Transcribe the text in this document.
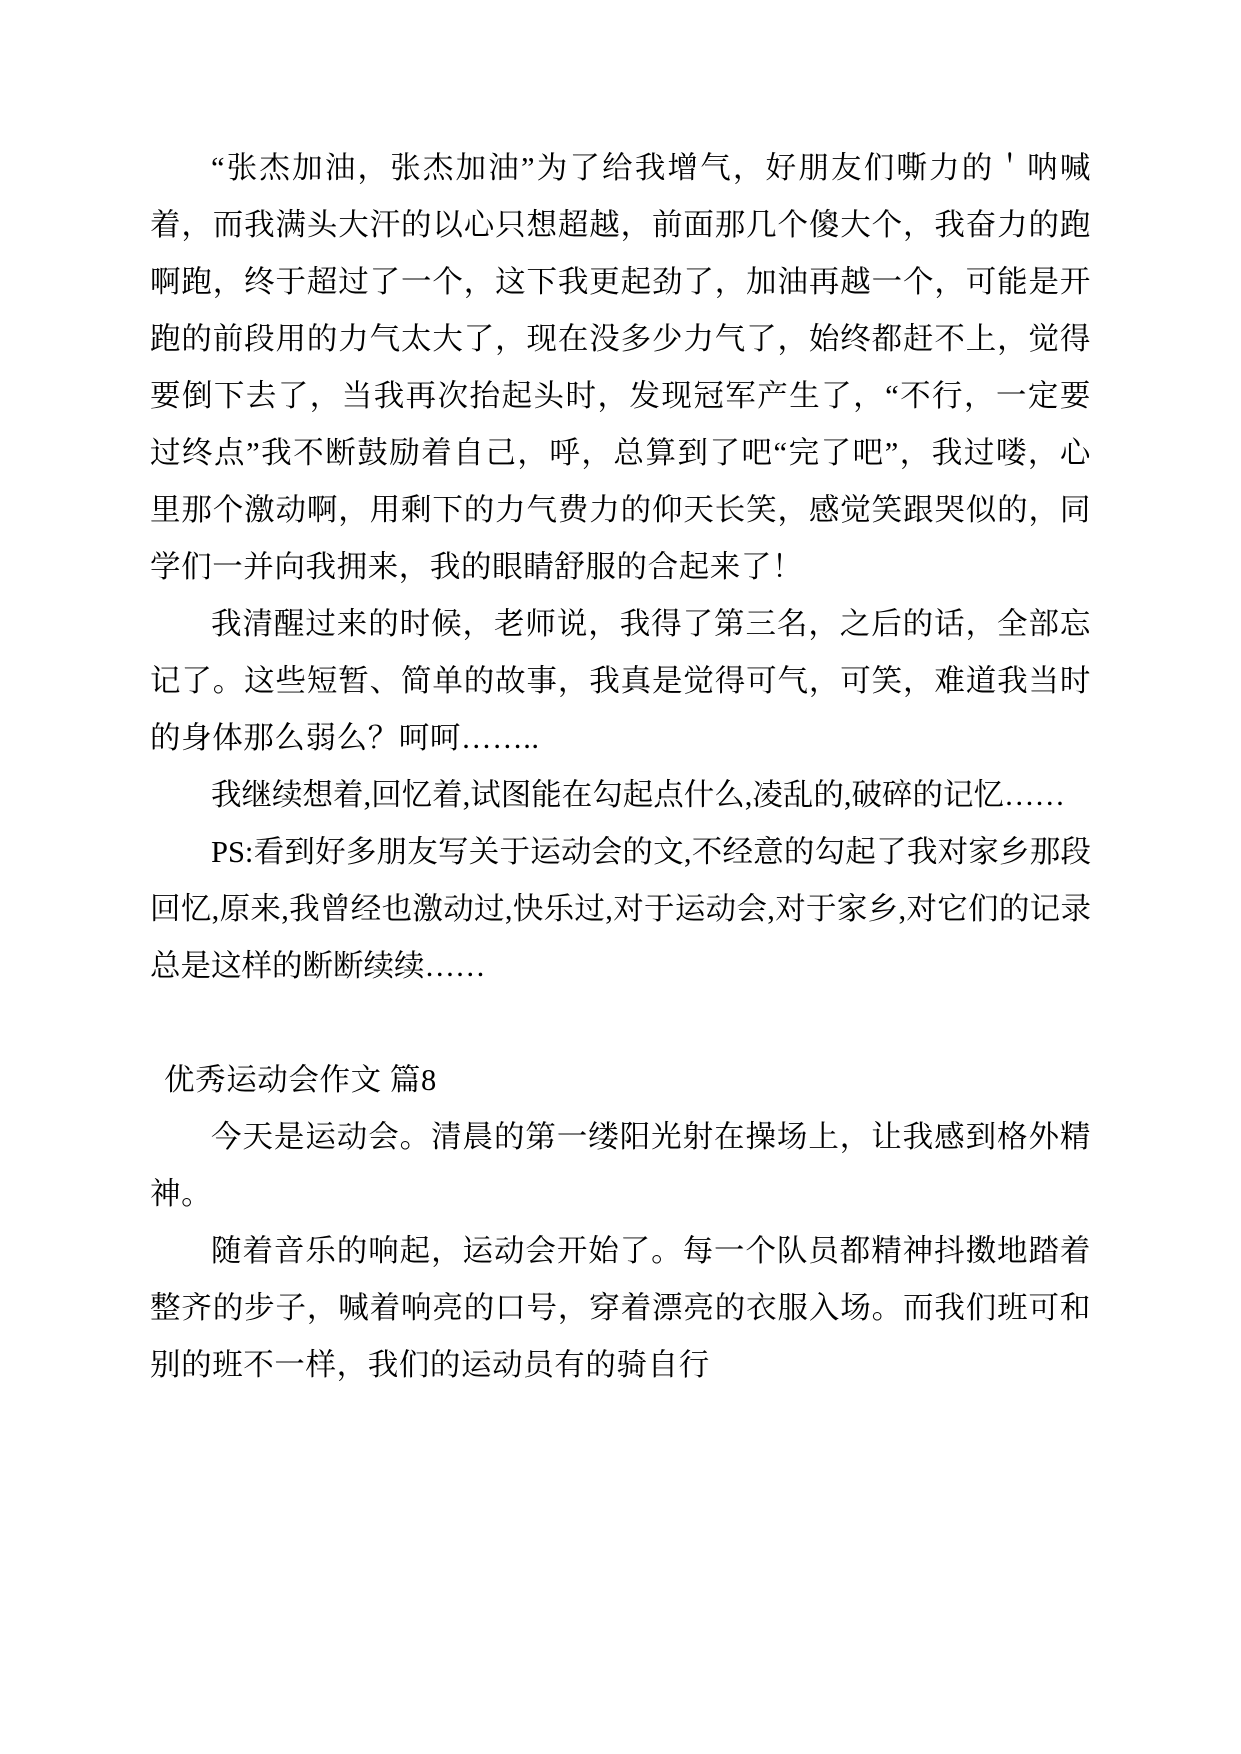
“张杰加油，张杰加油”为了给我增气，好朋友们嘶力的＇呐喊着，而我满头大汗的以心只想超越，前面那几个傻大个，我奋力的跑啊跑，终于超过了一个，这下我更起劲了，加油再越一个，可能是开跑的前段用的力气太大了，现在没多少力气了，始终都赶不上，觉得要倒下去了，当我再次抬起头时，发现冠军产生了，“不行，一定要过终点”我不断鼓励着自己，呼，总算到了吧“完了吧”，我过喽，心里那个激动啊，用剩下的力气费力的仰天长笑，感觉笑跟哭似的，同学们一并向我拥来，我的眼睛舒服的合起来了！

我清醒过来的时候，老师说，我得了第三名，之后的话，全部忘记了。这些短暂、简单的故事，我真是觉得可气，可笑，难道我当时的身体那么弱么？呵呵……..

我继续想着,回忆着,试图能在勾起点什么,凌乱的,破碎的记忆……

PS:看到好多朋友写关于运动会的文,不经意的勾起了我对家乡那段回忆,原来,我曾经也激动过,快乐过,对于运动会,对于家乡,对它们的记录总是这样的断断续续……

优秀运动会作文 篇8

今天是运动会。清晨的第一缕阳光射在操场上，让我感到格外精神。

随着音乐的响起，运动会开始了。每一个队员都精神抖擞地踏着整齐的步子，喊着响亮的口号，穿着漂亮的衣服入场。而我们班可和别的班不一样，我们的运动员有的骑自行
